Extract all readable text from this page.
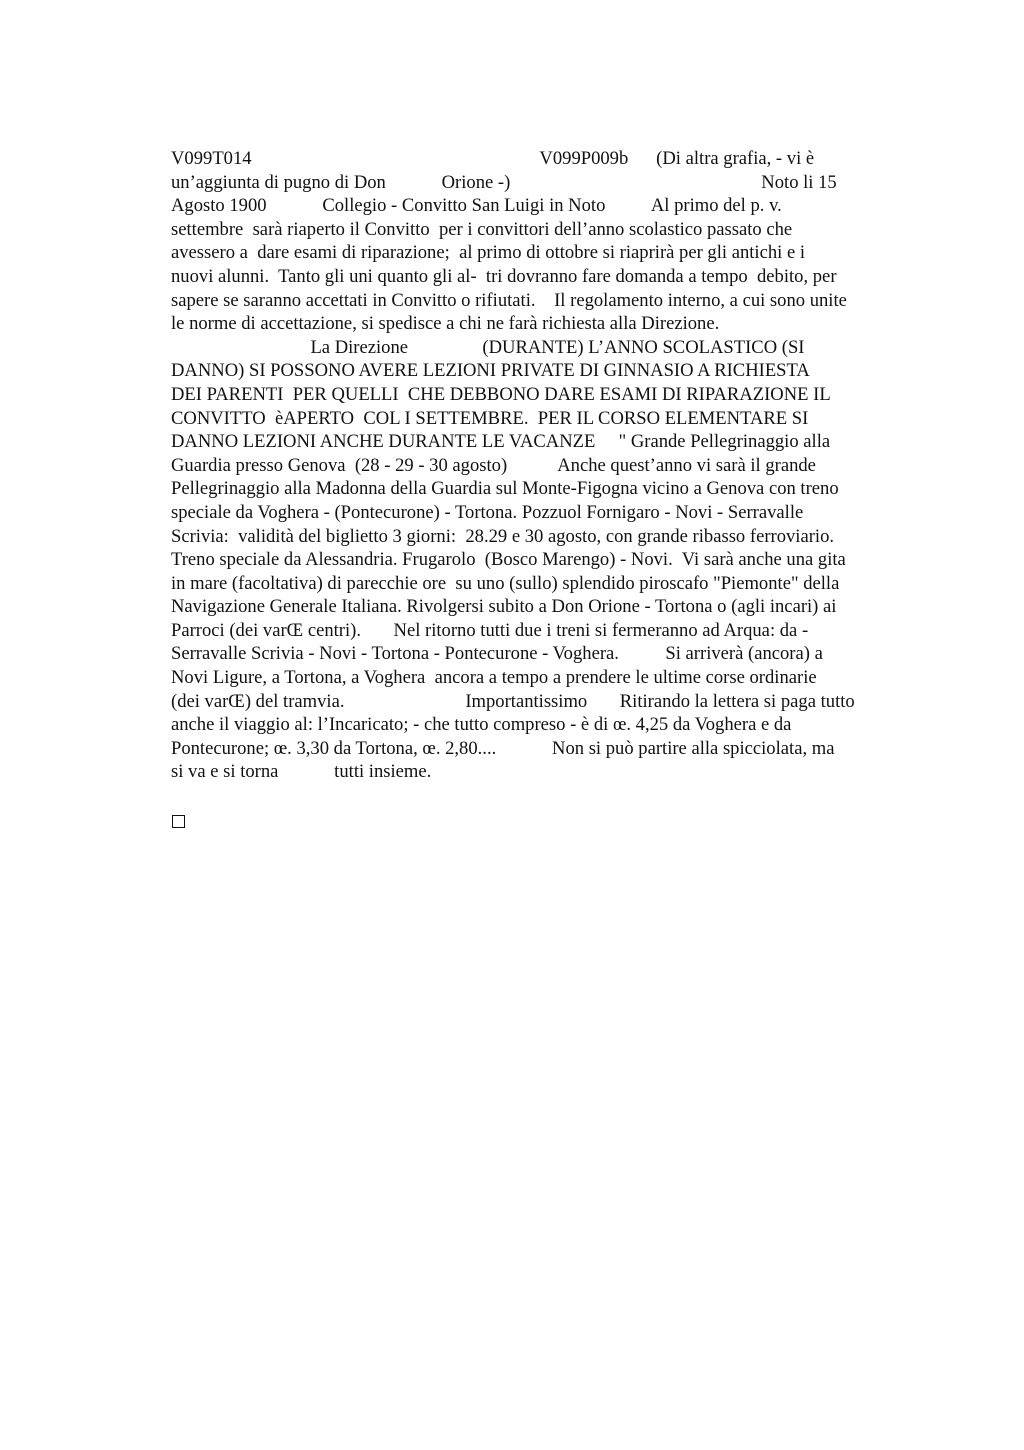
V099T014                                                              V099P009b      (Di altra grafia, - vi è
un’aggiunta di pugno di Don            Orione -)                                                      Noto li 15
Agosto 1900            Collegio - Convitto San Luigi in Noto          Al primo del p. v.
settembre  sarà riaperto il Convitto  per i convittori dell’anno scolastico passato che
avessero a  dare esami di riparazione;  al primo di ottobre si riaprirà per gli antichi e i
nuovi alunni.  Tanto gli uni quanto gli al-  tri dovranno fare domanda a tempo  debito, per
sapere se saranno accettati in Convitto o rifiutati.    Il regolamento interno, a cui sono unite
le norme di accettazione, si spedisce a chi ne farà richiesta alla Direzione.
La Direzione                (DURANTE) L’ANNO SCOLASTICO (SI
DANNO) SI POSSONO AVERE LEZIONI PRIVATE DI GINNASIO A RICHIESTA
DEI PARENTI  PER QUELLI  CHE DEBBONO DARE ESAMI DI RIPARAZIONE IL
CONVITTO  èAPERTO  COL I SETTEMBRE.  PER IL CORSO ELEMENTARE SI
DANNO LEZIONI ANCHE DURANTE LE VACANZE     " Grande Pellegrinaggio alla
Guardia presso Genova  (28 - 29 - 30 agosto)           Anche quest’anno vi sarà il grande
Pellegrinaggio alla Madonna della Guardia sul Monte-Figogna vicino a Genova con treno
speciale da Voghera - (Pontecurone) - Tortona. Pozzuol Fornigaro - Novi - Serravalle
Scrivia:  validità del biglietto 3 giorni:  28.29 e 30 agosto, con grande ribasso ferroviario.
Treno speciale da Alessandria. Frugarolo  (Bosco Marengo) - Novi.  Vi sarà anche una gita
in mare (facoltativa) di parecchie ore  su uno (sullo) splendido piroscafo "Piemonte" della
Navigazione Generale Italiana. Rivolgersi subito a Don Orione - Tortona o (agli incari) ai
Parroci (dei varŒ centri).       Nel ritorno tutti due i treni si fermeranno ad Arqua: da -
Serravalle Scrivia - Novi - Tortona - Pontecurone - Voghera.          Si arriverà (ancora) a
Novi Ligure, a Tortona, a Voghera  ancora a tempo a prendere le ultime corse ordinarie
(dei varŒ) del tramvia.                          Importantissimo       Ritirando la lettera si paga tutto
anche il viaggio al: l’Incaricato; - che tutto compreso - è di œ. 4,25 da Voghera e da
Pontecurone; œ. 3,30 da Tortona, œ. 2,80....            Non si può partire alla spicciolata, ma
si va e si torna            tutti insieme.
